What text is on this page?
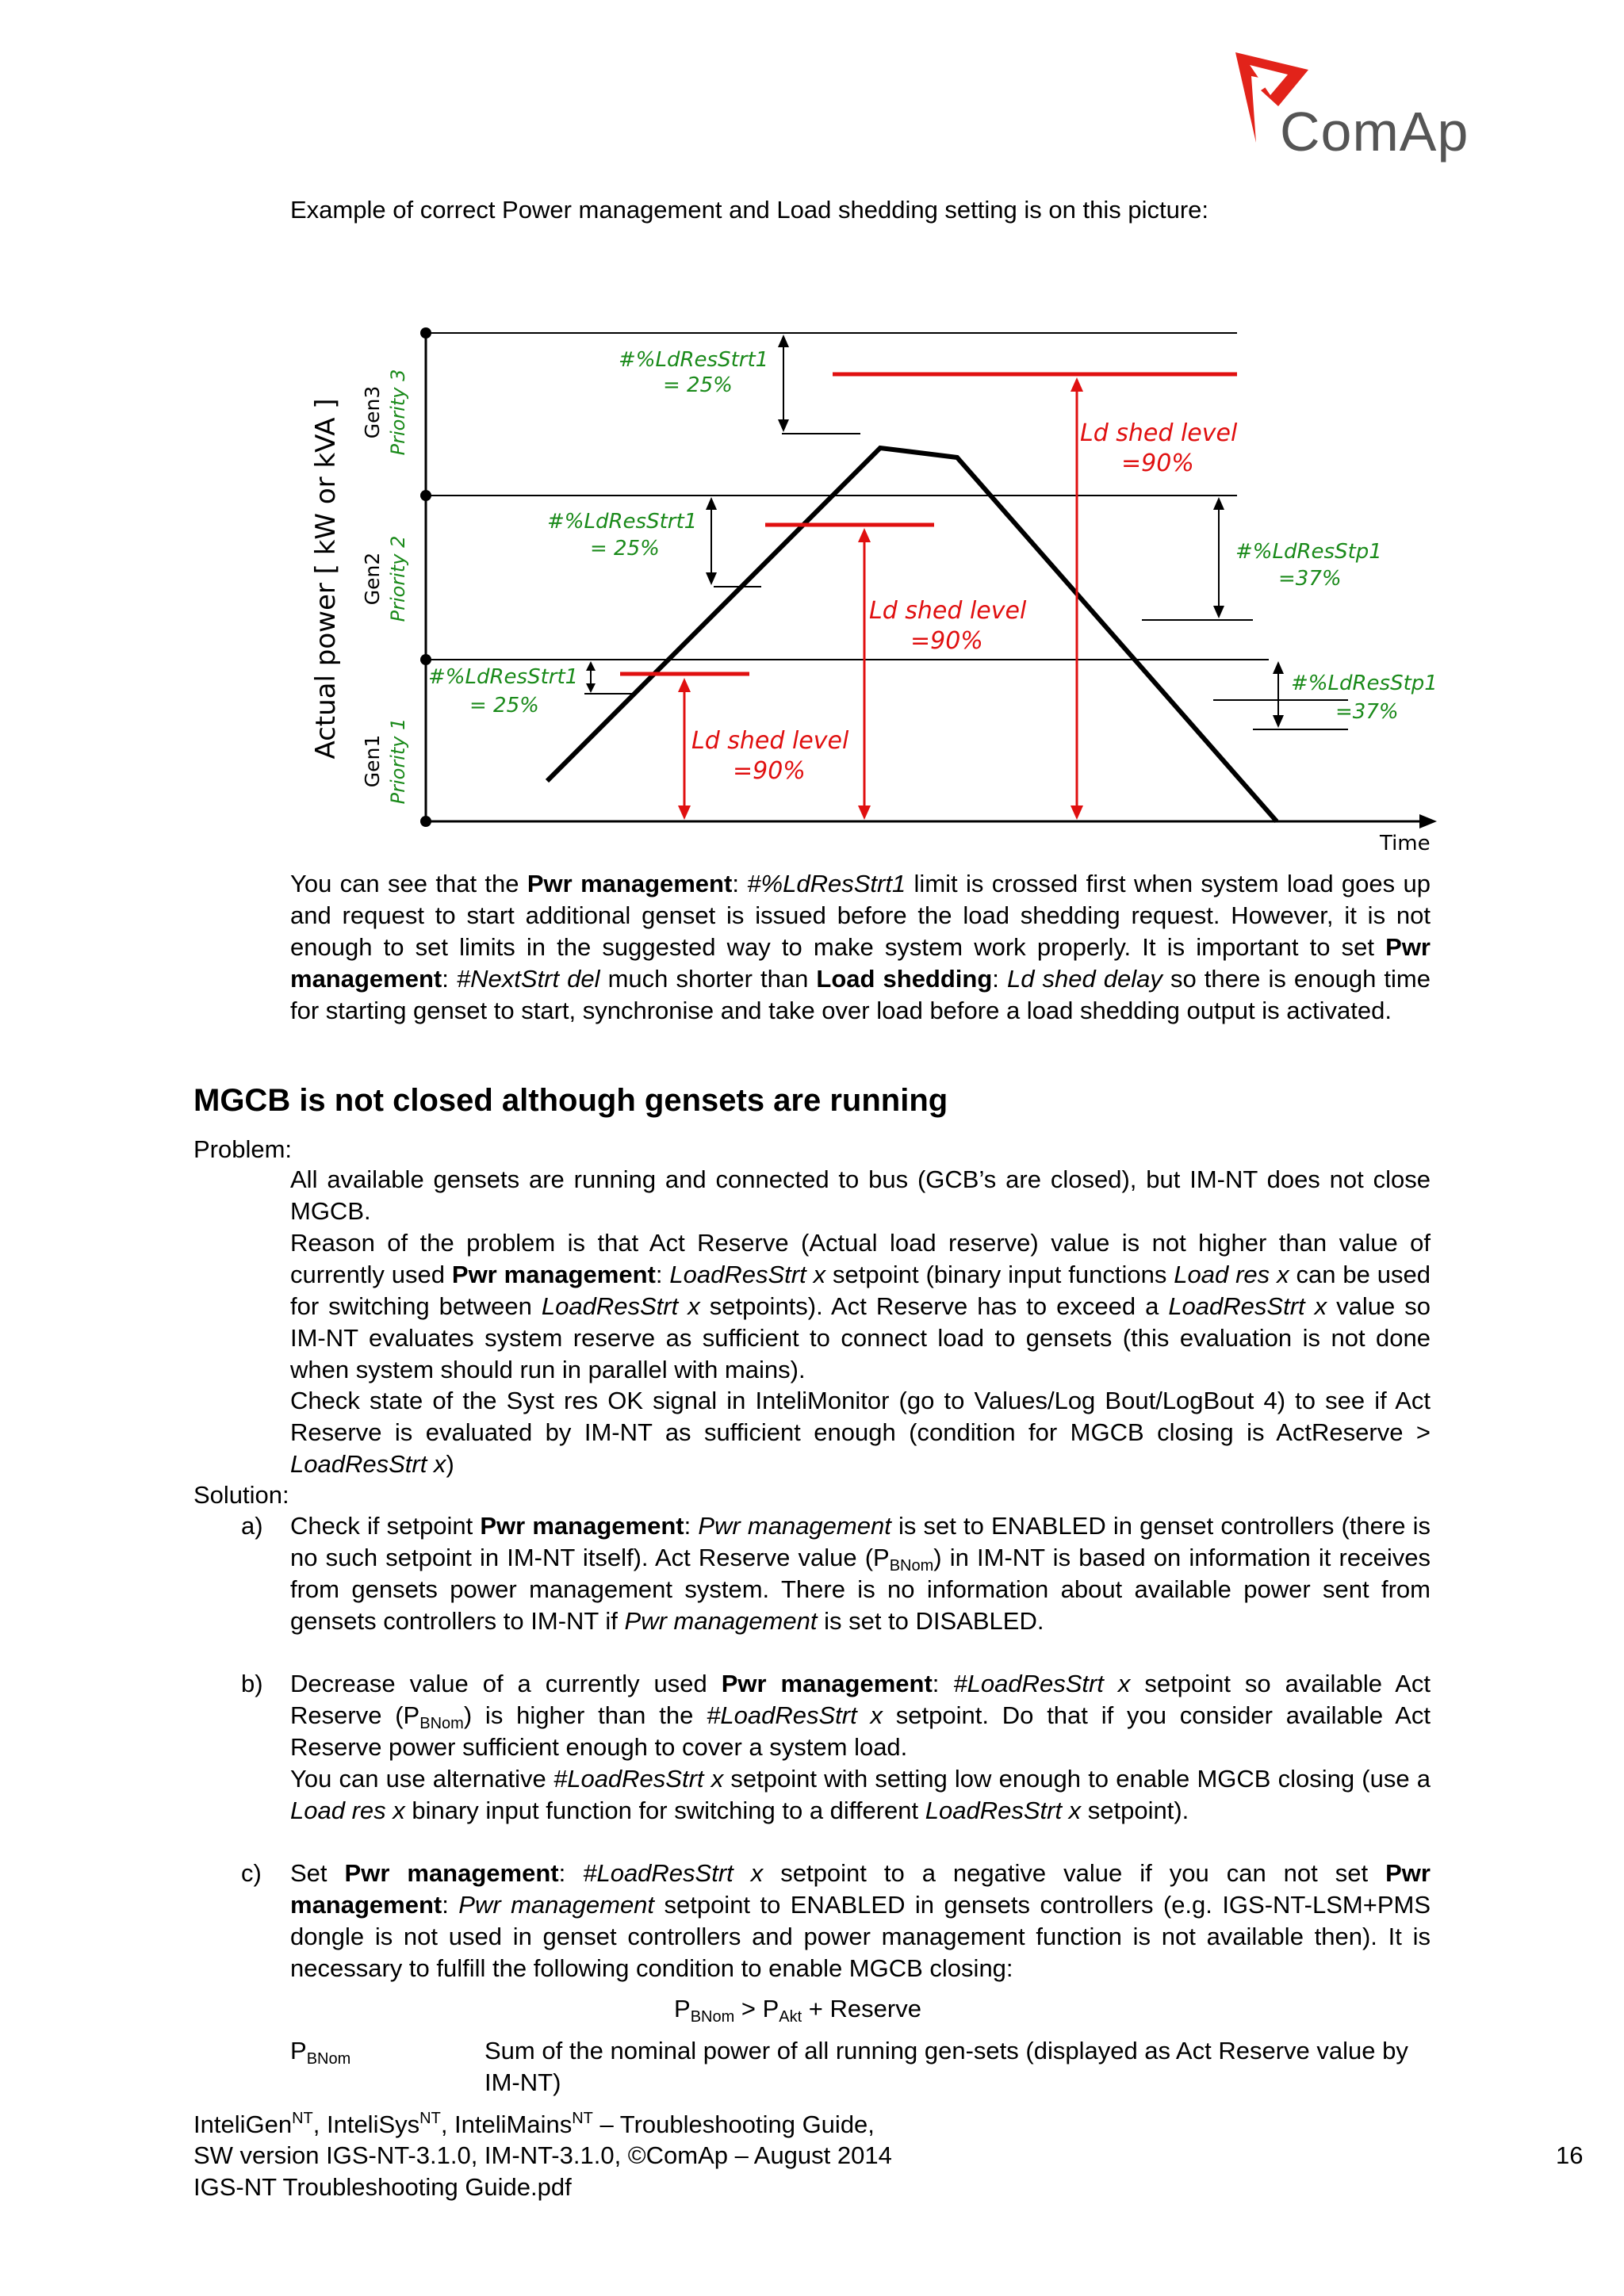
ComAp
Example of correct Power management and Load shedding setting is on this picture:
Actual power [ kW or kVA ]
Time
Gen3 Priority 3
Gen2 Priority 2
Gen1 Priority 1
#%LdResStrt1
= 25%
#%LdResStrt1
= 25%
#%LdResStrt1
= 25%
#%LdResStp1
=37%
#%LdResStp1
=37%
Ld shed level
=90%
Ld shed level
=90%
Ld shed level
=90%
You can see that the Pwr management: #%LdResStrt1 limit is crossed first when system load goes up and request to start additional genset is issued before the load shedding request. However, it is not enough to set limits in the suggested way to make system work properly. It is important to set Pwr management: #NextStrt del much shorter than Load shedding: Ld shed delay so there is enough time for starting genset to start, synchronise and take over load before a load shedding output is activated.
MGCB is not closed although gensets are running
Problem:
All available gensets are running and connected to bus (GCB’s are closed), but IM-NT does not close MGCB.
Reason of the problem is that Act Reserve (Actual load reserve) value is not higher than value of currently used Pwr management: LoadResStrt x setpoint (binary input functions Load res x can be used for switching between LoadResStrt x setpoints). Act Reserve has to exceed a LoadResStrt x value so IM-NT evaluates system reserve as sufficient to connect load to gensets (this evaluation is not done when system should run in parallel with mains).
Check state of the Syst res OK signal in InteliMonitor (go to Values/Log Bout/LogBout 4) to see if Act Reserve is evaluated by IM-NT as sufficient enough (condition for MGCB closing is ActReserve > LoadResStrt x)
Solution:
a) Check if setpoint Pwr management: Pwr management is set to ENABLED in genset controllers (there is no such setpoint in IM-NT itself). Act Reserve value $(P_{BNom})$ in IM-NT is based on information it receives from gensets power management system. There is no information about available power sent from gensets controllers to IM-NT if Pwr management is set to DISABLED.
b) Decrease value of a currently used Pwr management: #LoadResStrt x setpoint so available Act Reserve $(P_{BNom})$ is higher than the #LoadResStrt x setpoint. Do that if you consider available Act Reserve power sufficient enough to cover a system load.
You can use alternative #LoadResStrt x setpoint with setting low enough to enable MGCB closing (use a Load res x binary input function for switching to a different LoadResStrt x setpoint).
c) Set Pwr management: #LoadResStrt x setpoint to a negative value if you can not set Pwr management: Pwr management setpoint to ENABLED in gensets controllers (e.g. IGS-NT-LSM+PMS dongle is not used in genset controllers and power management function is not available then). It is necessary to fulfill the following condition to enable MGCB closing:
$P_{BNom} > P_{Akt}$ + Reserve
$P_{BNom}$	Sum of the nominal power of all running gen-sets (displayed as Act Reserve value by IM-NT)
InteliGen$^{NT}$, InteliSys$^{NT}$, InteliMains$^{NT}$ – Troubleshooting Guide,
SW version IGS-NT-3.1.0, IM-NT-3.1.0, ©ComAp – August 2014
IGS-NT Troubleshooting Guide.pdf
16
